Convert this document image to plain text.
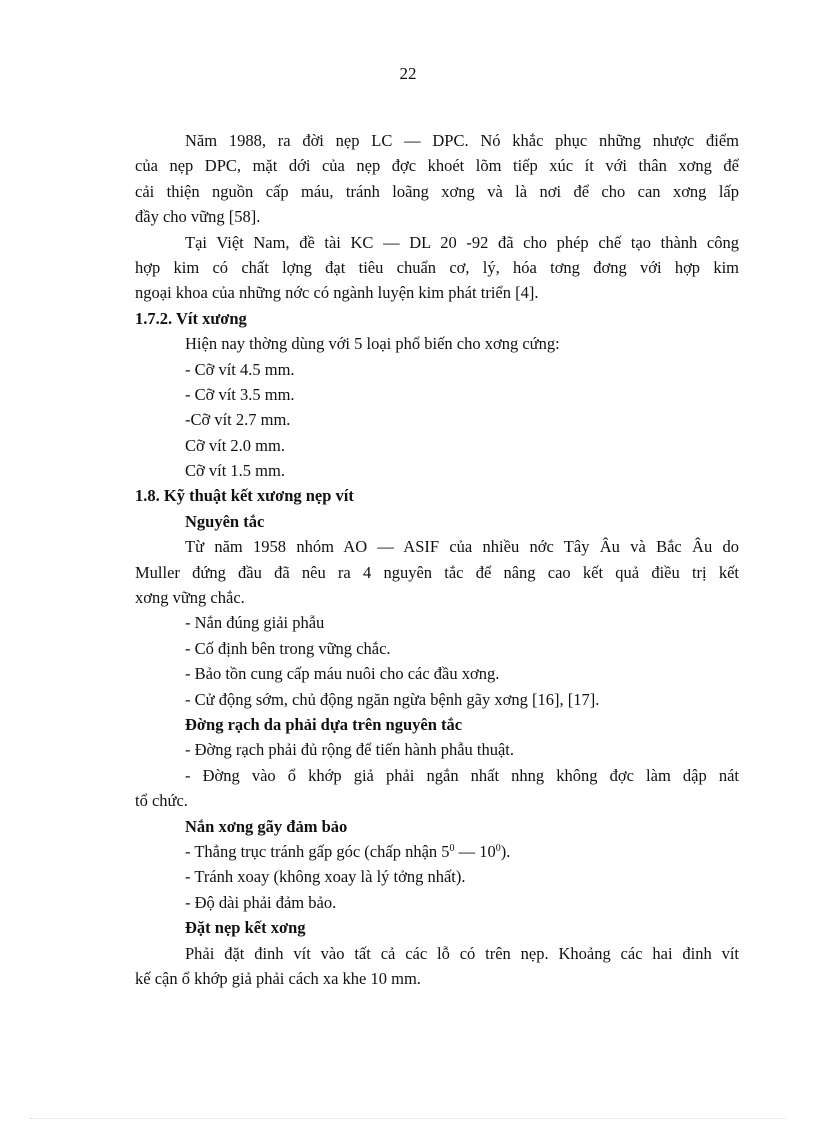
22
Năm 1988, ra đời nẹp LC — DPC. Nó khắc phục những nhược điểm
của nẹp DPC, mặt dới của nẹp đợc khoét lõm tiếp xúc ít với thân xơng để
cải thiện nguồn cấp máu, tránh loãng xơng và là nơi để cho can xơng lấp
đầy cho vững [58].
Tại Việt Nam, đề tài KC — DL 20 -92 đã cho phép chế tạo thành công
hợp kim có chất lợng đạt tiêu chuẩn cơ, lý, hóa tơng đơng với hợp kim
ngoại khoa của những nớc có ngành luyện kim phát triển [4].
1.7.2. Vít xương
Hiện nay thờng dùng với 5 loại phổ biến cho xơng cứng:
- Cỡ vít 4.5 mm.
- Cỡ vít 3.5 mm.
-Cỡ vít 2.7 mm.
Cỡ vít 2.0 mm.
Cỡ vít 1.5 mm.
1.8. Kỹ thuật kết xương nẹp vít
Nguyên tắc
Từ năm 1958 nhóm AO — ASIF của nhiều nớc Tây Âu và Bắc Âu do
Muller đứng đầu đã nêu ra 4 nguyên tắc để nâng cao kết quả điều trị kết
xơng vững chắc.
- Nắn đúng giải phẫu
- Cố định bên trong vững chắc.
- Bảo tồn cung cấp máu nuôi cho các đầu xơng.
- Cử động sớm, chủ động ngăn ngừa bệnh gãy xơng [16], [17].
Đờng rạch da phải dựa trên nguyên tắc
- Đờng rạch phải đủ rộng để tiến hành phẫu thuật.
- Đờng vào ổ khớp giả phải ngắn nhất nhng không đợc làm dập nát
tổ chức.
Nắn xơng gãy đảm bảo
- Thẳng trục tránh gấp góc (chấp nhận $5^0$ — $10^0$).
- Tránh xoay (không xoay là lý tởng nhất).
- Độ dài phải đảm bảo.
Đặt nẹp kết xơng
Phải đặt đinh vít vào tất cả các lỗ có trên nẹp. Khoảng các hai đinh vít
kế cận ổ khớp giả phải cách xa khe 10 mm.
